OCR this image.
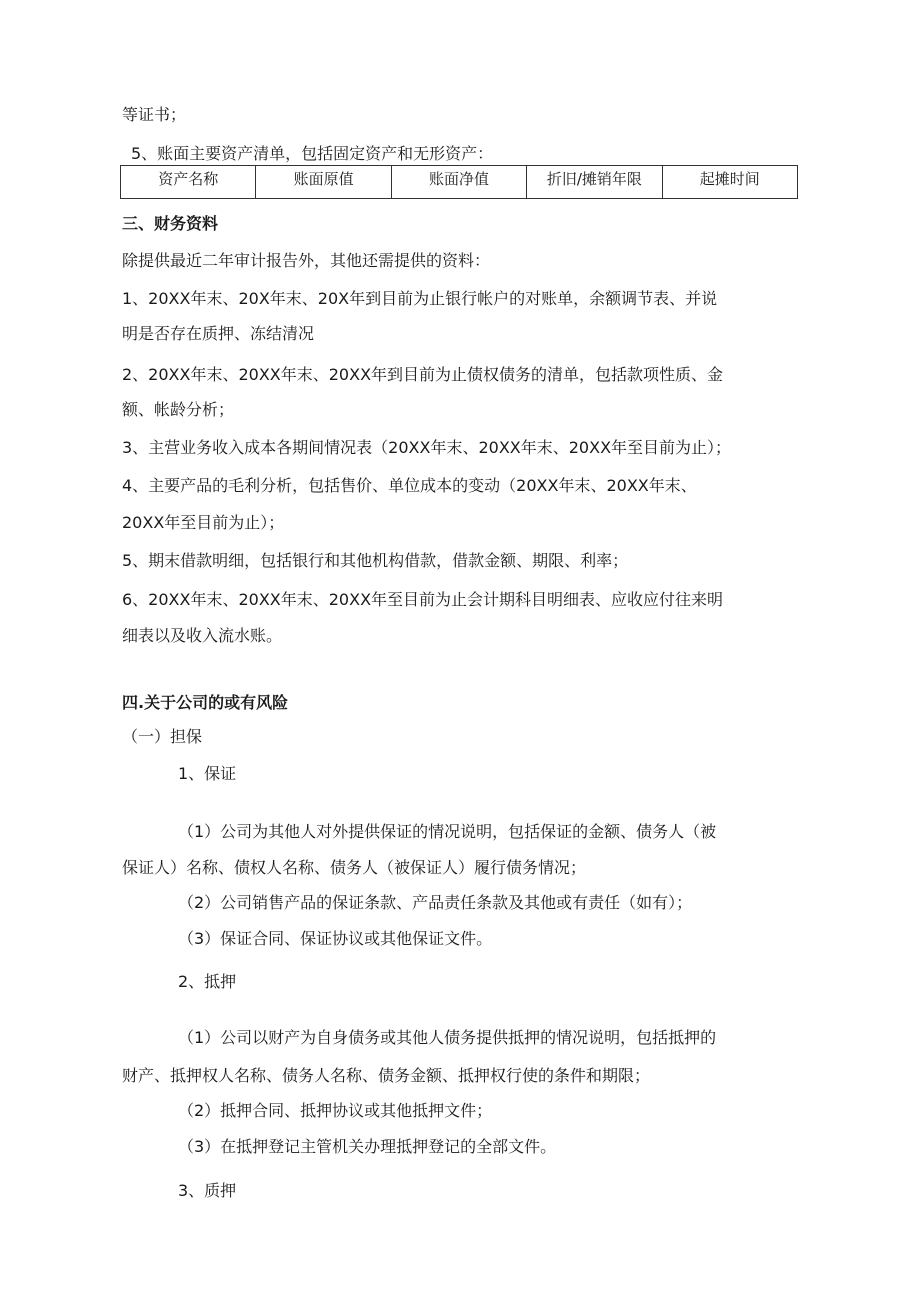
等证书；
5、账面主要资产清单，包括固定资产和无形资产：
资产名称	账面原值	账面净值	折旧/摊销年限	起摊时间
三、财务资料
除提供最近二年审计报告外，其他还需提供的资料：
1、20XX年末、20X年末、20X年到目前为止银行帐户的对账单，余额调节表、并说
明是否存在质押、冻结清况
2、20XX年末、20XX年末、20XX年到目前为止债权债务的清单，包括款项性质、金
额、帐龄分析；
3、主营业务收入成本各期间情况表（20XX年末、20XX年末、20XX年至目前为止）；
4、主要产品的毛利分析，包括售价、单位成本的变动（20XX年末、20XX年末、
20XX年至目前为止）；
5、期末借款明细，包括银行和其他机构借款，借款金额、期限、利率；
6、20XX年末、20XX年末、20XX年至目前为止会计期科目明细表、应收应付往来明
细表以及收入流水账。
四.关于公司的或有风险
（一）担保
1、保证
（1）公司为其他人对外提供保证的情况说明，包括保证的金额、债务人（被
保证人）名称、债权人名称、债务人（被保证人）履行债务情况；
（2）公司销售产品的保证条款、产品责任条款及其他或有责任（如有）；
（3）保证合同、保证协议或其他保证文件。
2、抵押
（1）公司以财产为自身债务或其他人债务提供抵押的情况说明，包括抵押的
财产、抵押权人名称、债务人名称、债务金额、抵押权行使的条件和期限；
（2）抵押合同、抵押协议或其他抵押文件；
（3）在抵押登记主管机关办理抵押登记的全部文件。
3、质押
